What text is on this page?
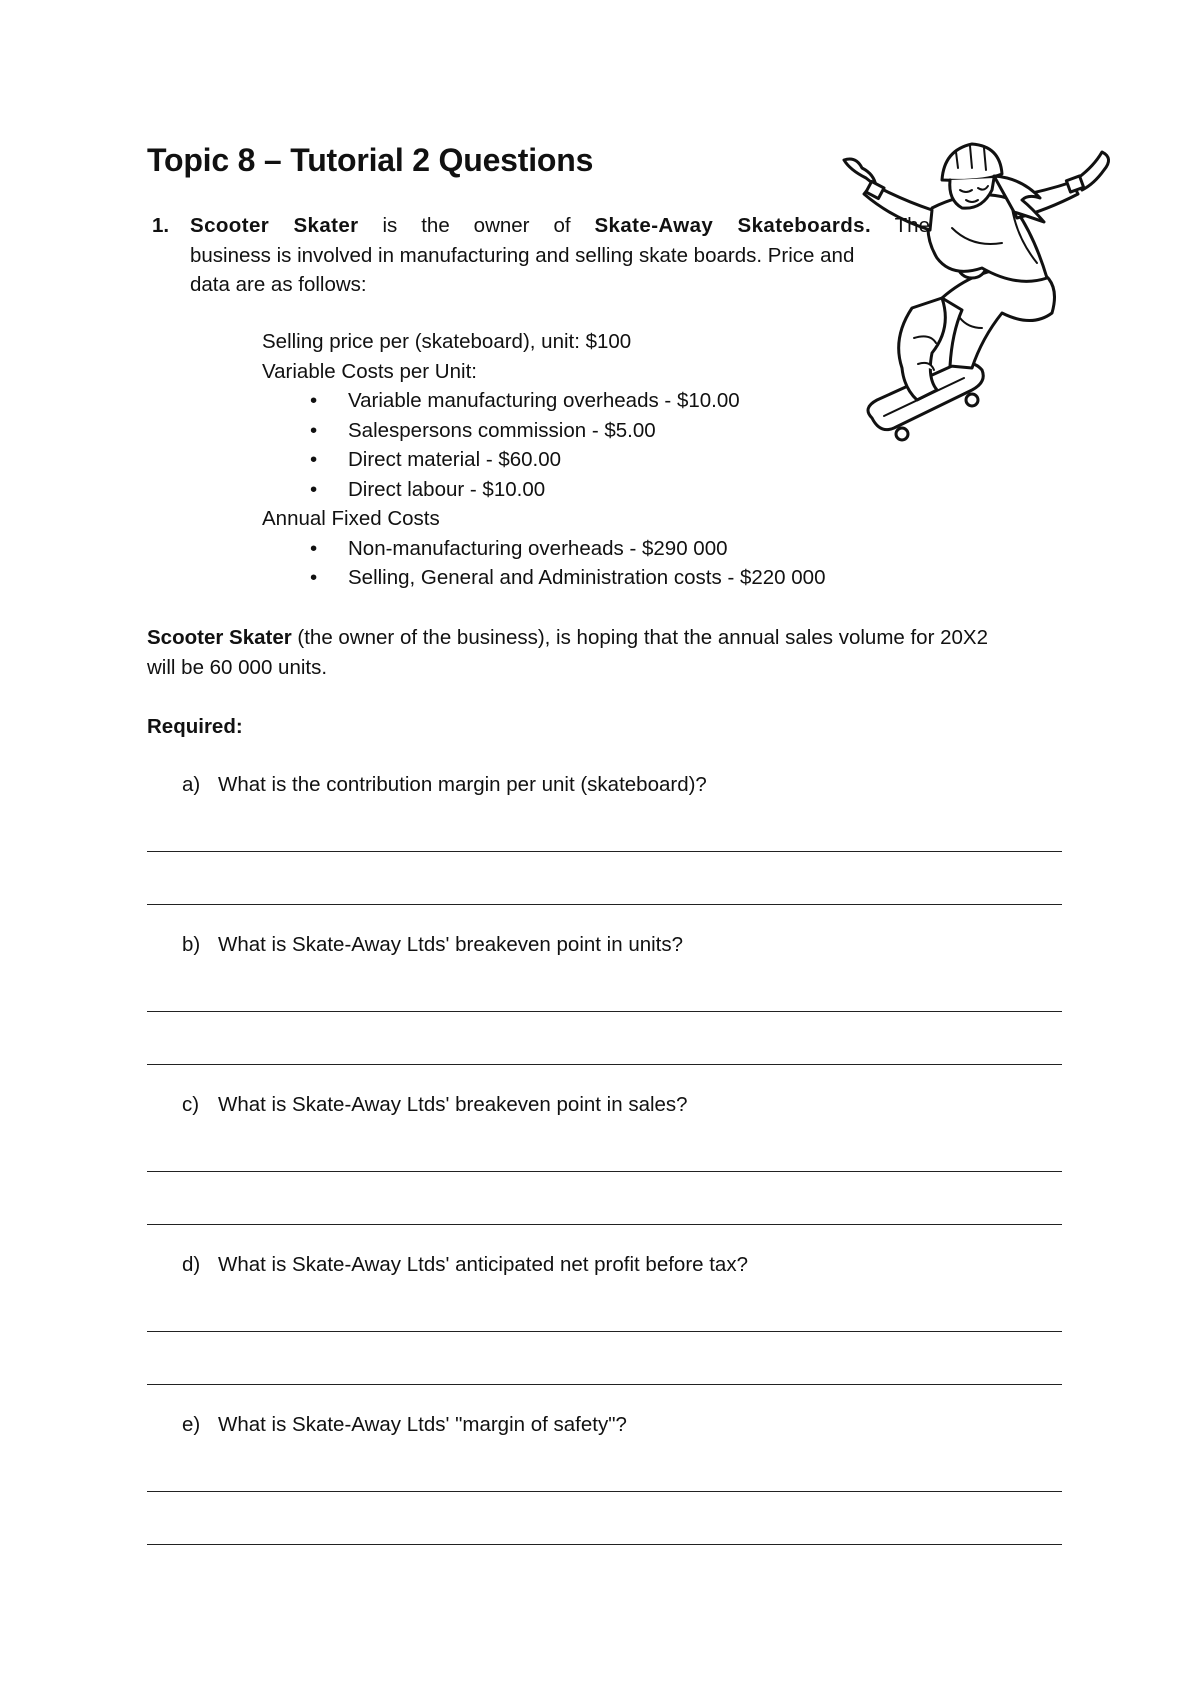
Topic 8 – Tutorial 2 Questions
1. Scooter Skater is the owner of Skate-Away Skateboards. The
business is involved in manufacturing and selling skate boards. Price and
data are as follows:
Selling price per (skateboard), unit: $100
Variable Costs per Unit:
• Variable manufacturing overheads - $10.00
• Salespersons commission - $5.00
• Direct material - $60.00
• Direct labour - $10.00
Annual Fixed Costs
• Non-manufacturing overheads - $290 000
• Selling, General and Administration costs - $220 000
Scooter Skater (the owner of the business), is hoping that the annual sales volume for 20X2
will be 60 000 units.
Required:
a) What is the contribution margin per unit (skateboard)?
b) What is Skate-Away Ltds' breakeven point in units?
c) What is Skate-Away Ltds' breakeven point in sales?
d) What is Skate-Away Ltds' anticipated net profit before tax?
e) What is Skate-Away Ltds' "margin of safety"?
